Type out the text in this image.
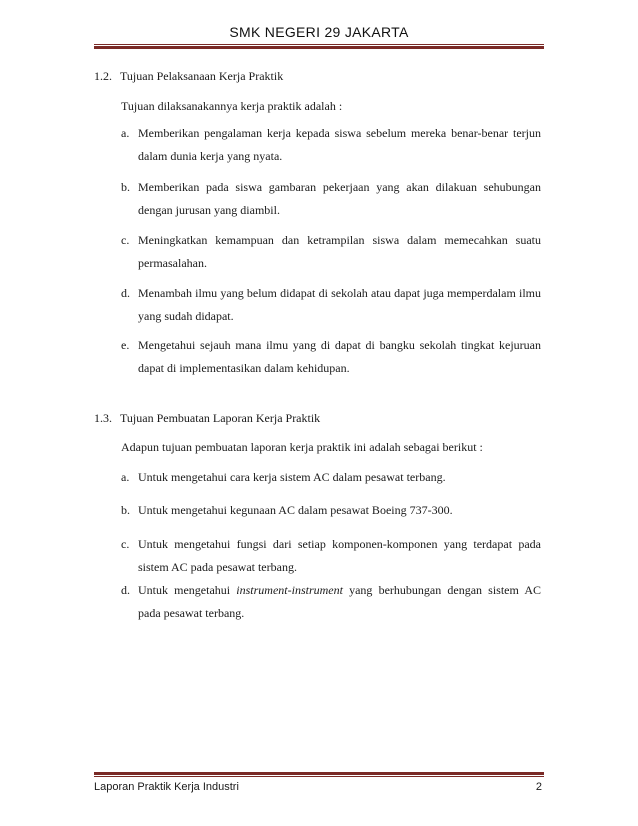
SMK NEGERI 29 JAKARTA
1.2. Tujuan Pelaksanaan Kerja Praktik
Tujuan dilaksanakannya kerja praktik adalah :
a. Memberikan pengalaman kerja kepada siswa sebelum mereka benar-benar terjun dalam dunia kerja yang nyata.
b. Memberikan pada siswa gambaran pekerjaan yang akan dilakuan sehubungan dengan jurusan yang diambil.
c. Meningkatkan kemampuan dan ketrampilan siswa dalam memecahkan suatu permasalahan.
d. Menambah ilmu yang belum didapat di sekolah atau dapat juga memperdalam ilmu yang sudah didapat.
e. Mengetahui sejauh mana ilmu yang di dapat di bangku sekolah tingkat kejuruan dapat di implementasikan dalam kehidupan.
1.3. Tujuan Pembuatan Laporan Kerja Praktik
Adapun tujuan pembuatan laporan kerja praktik ini adalah sebagai berikut :
a. Untuk mengetahui cara kerja sistem AC dalam pesawat terbang.
b. Untuk mengetahui kegunaan AC dalam pesawat Boeing 737-300.
c. Untuk mengetahui fungsi dari setiap komponen-komponen yang terdapat pada sistem AC pada pesawat terbang.
d. Untuk mengetahui instrument-instrument yang berhubungan dengan sistem AC pada pesawat terbang.
Laporan Praktik Kerja Industri	2
